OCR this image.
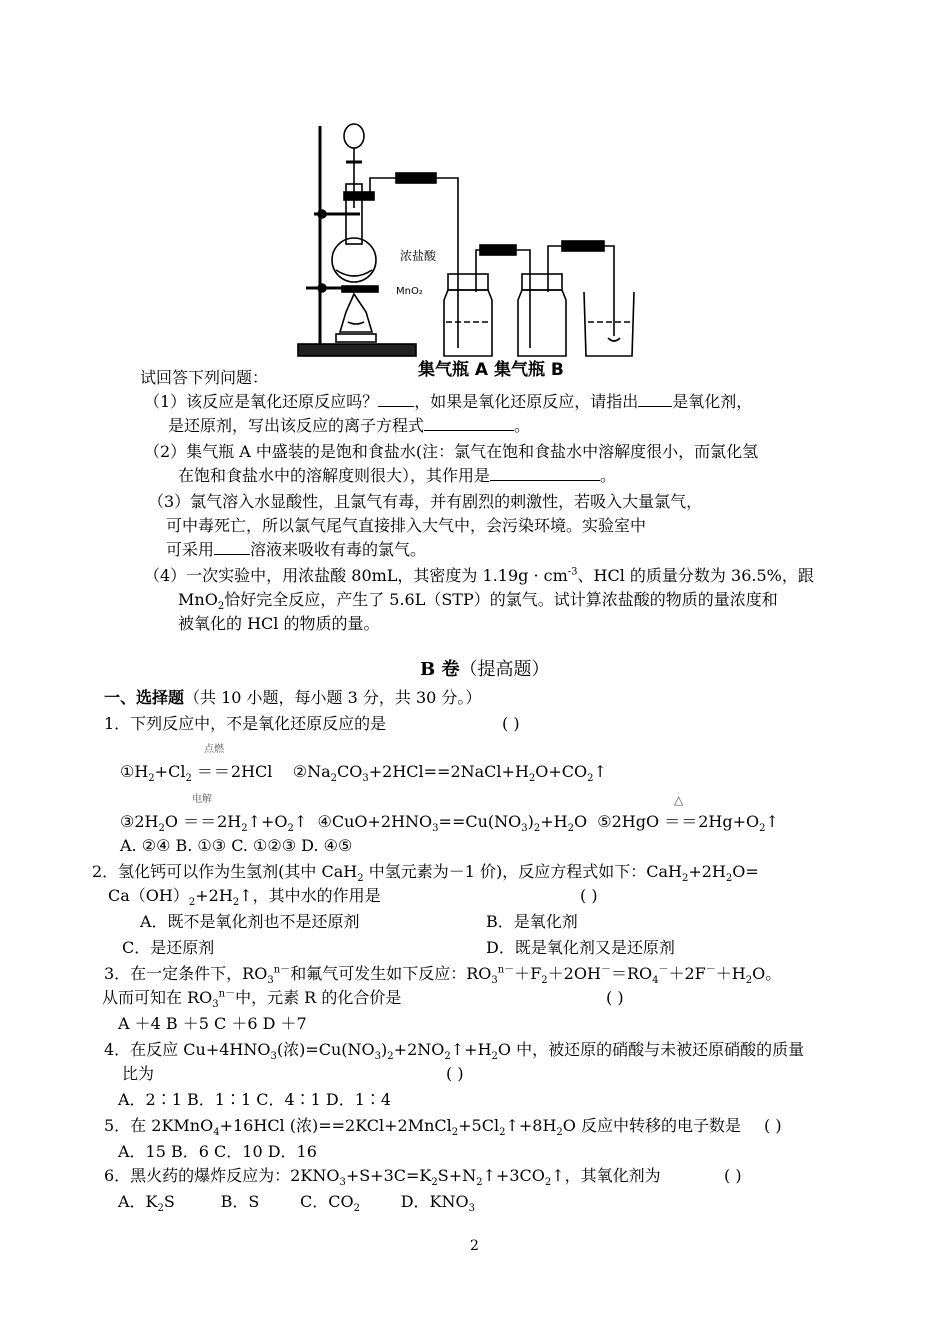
浓盐酸
MnO₂
集气瓶 A 集气瓶 B
试回答下列问题：
（1）该反应是氧化还原反应吗？ ，如果是氧化还原反应，请指出 是氧化剂，
是还原剂，写出该反应的离子方程式	。
（2）集气瓶 A 中盛装的是饱和食盐水(注：氯气在饱和食盐水中溶解度很小，而氯化氢
在饱和食盐水中的溶解度则很大），其作用是	。
（3）氯气溶入水显酸性，且氯气有毒，并有剧烈的刺激性，若吸入大量氯气，
可中毒死亡，所以氯气尾气直接排入大气中，会污染环境。实验室中
可采用 溶液来吸收有毒的氯气。
（4）一次实验中，用浓盐酸 80mL，其密度为 $1.19g \cdot cm^{-3}$、HCl 的质量分数为 36.5%，跟
MnO$_2$恰好完全反应，产生了 5.6L（STP）的氯气。试计算浓盐酸的物质的量浓度和
被氧化的 HCl 的物质的量。
B 卷（提高题）
一、选择题（共 10 小题，每小题 3 分，共 30 分。）
1．下列反应中，不是氧化还原反应的是	( )
点燃
$①H_2+Cl_2 ==2HCl$    $②Na_2CO_3+2HCl==2NaCl+H_2O+CO_2↑$
电解	△
$③2H_2O$ $==2H_2↑+O_2↑$  $④CuO+2HNO_3==Cu(NO_3)_2+H_2O$  ⑤2HgO $==2Hg+O_2↑$
A. ②④ B. ①③ C. ①②③ D. ④⑤
2．氢化钙可以作为生氢剂(其中 CaH$_2$ 中氢元素为－1 价)，反应方程式如下：$CaH_2+2H_2O=$
$Ca(OH)_2+2H_2↑$，其中水的作用是	( )
A．既不是氧化剂也不是还原剂	B．是氧化剂
C．是还原剂	D．既是氧化剂又是还原剂
3．在一定条件下，$RO_3^{n-}$和氟气可发生如下反应：$RO_3^{n-}+F_2+2OH^-=RO_4^-+2F^-+H_2O$。
从而可知在 $RO_3^{n-}$中，元素 R 的化合价是	( )
A ＋4 B ＋5 C ＋6 D ＋7
4．在反应 $Cu+4HNO_3$(浓)$=Cu(NO_3)_2+2NO_2↑+H_2O$ 中，被还原的硝酸与未被还原硝酸的质量
比为	( )
A．2∶1 B．1∶1 C．4∶1 D．1∶4
5．在 2KMnO$_4$+16HCl (浓)$==2KCl+2MnCl_2+5Cl_2↑+8H_2O$ 反应中转移的电子数是 ( )
A．15 B．6 C．10 D．16
6．黑火药的爆炸反应为：$2KNO_3+S+3C=K_2S+N_2↑+3CO_2↑$，其氧化剂为	( )
A．$K_2S$         B．S	C．$CO_2$	D．$KNO_3$
2
